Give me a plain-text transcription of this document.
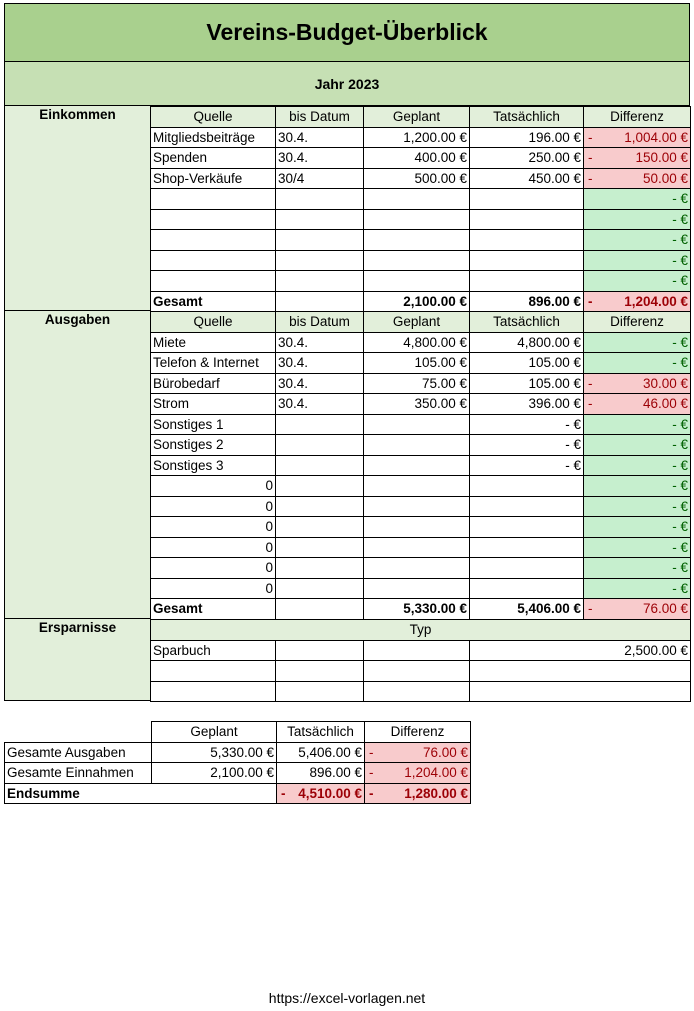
Vereins-Budget-Überblick
Jahr 2023
Einkommen
Ausgaben
Ersparnisse
Quelle	bis Datum	Geplant	Tatsächlich	Differenz
Mitgliedsbeiträge	30.4.	1,200.00 €	196.00 €	- 1,004.00 €
Spenden	30.4.	400.00 €	250.00 €	- 150.00 €
Shop-Verkäufe	30/4	500.00 €	450.00 €	- 50.00 €
				- €
				- €
				- €
				- €
				- €
Gesamt		2,100.00 €	896.00 €	- 1,204.00 €
Quelle	bis Datum	Geplant	Tatsächlich	Differenz
Miete	30.4.	4,800.00 €	4,800.00 €	- €
Telefon & Internet	30.4.	105.00 €	105.00 €	- €
Bürobedarf	30.4.	75.00 €	105.00 €	- 30.00 €
Strom	30.4.	350.00 €	396.00 €	- 46.00 €
Sonstiges 1			- €	- €
Sonstiges 2			- €	- €
Sonstiges 3			- €	- €
0				- €
0				- €
0				- €
0				- €
0				- €
0				- €
Gesamt		5,330.00 €	5,406.00 €	- 76.00 €
Typ			
Sparbuch			2,500.00 €

	Geplant	Tatsächlich	Differenz
Gesamte Ausgaben	5,330.00 €	5,406.00 €	- 76.00 €
Gesamte Einnahmen	2,100.00 €	896.00 €	- 1,204.00 €
Endsumme		- 4,510.00 €	- 1,280.00 €
https://excel-vorlagen.net
